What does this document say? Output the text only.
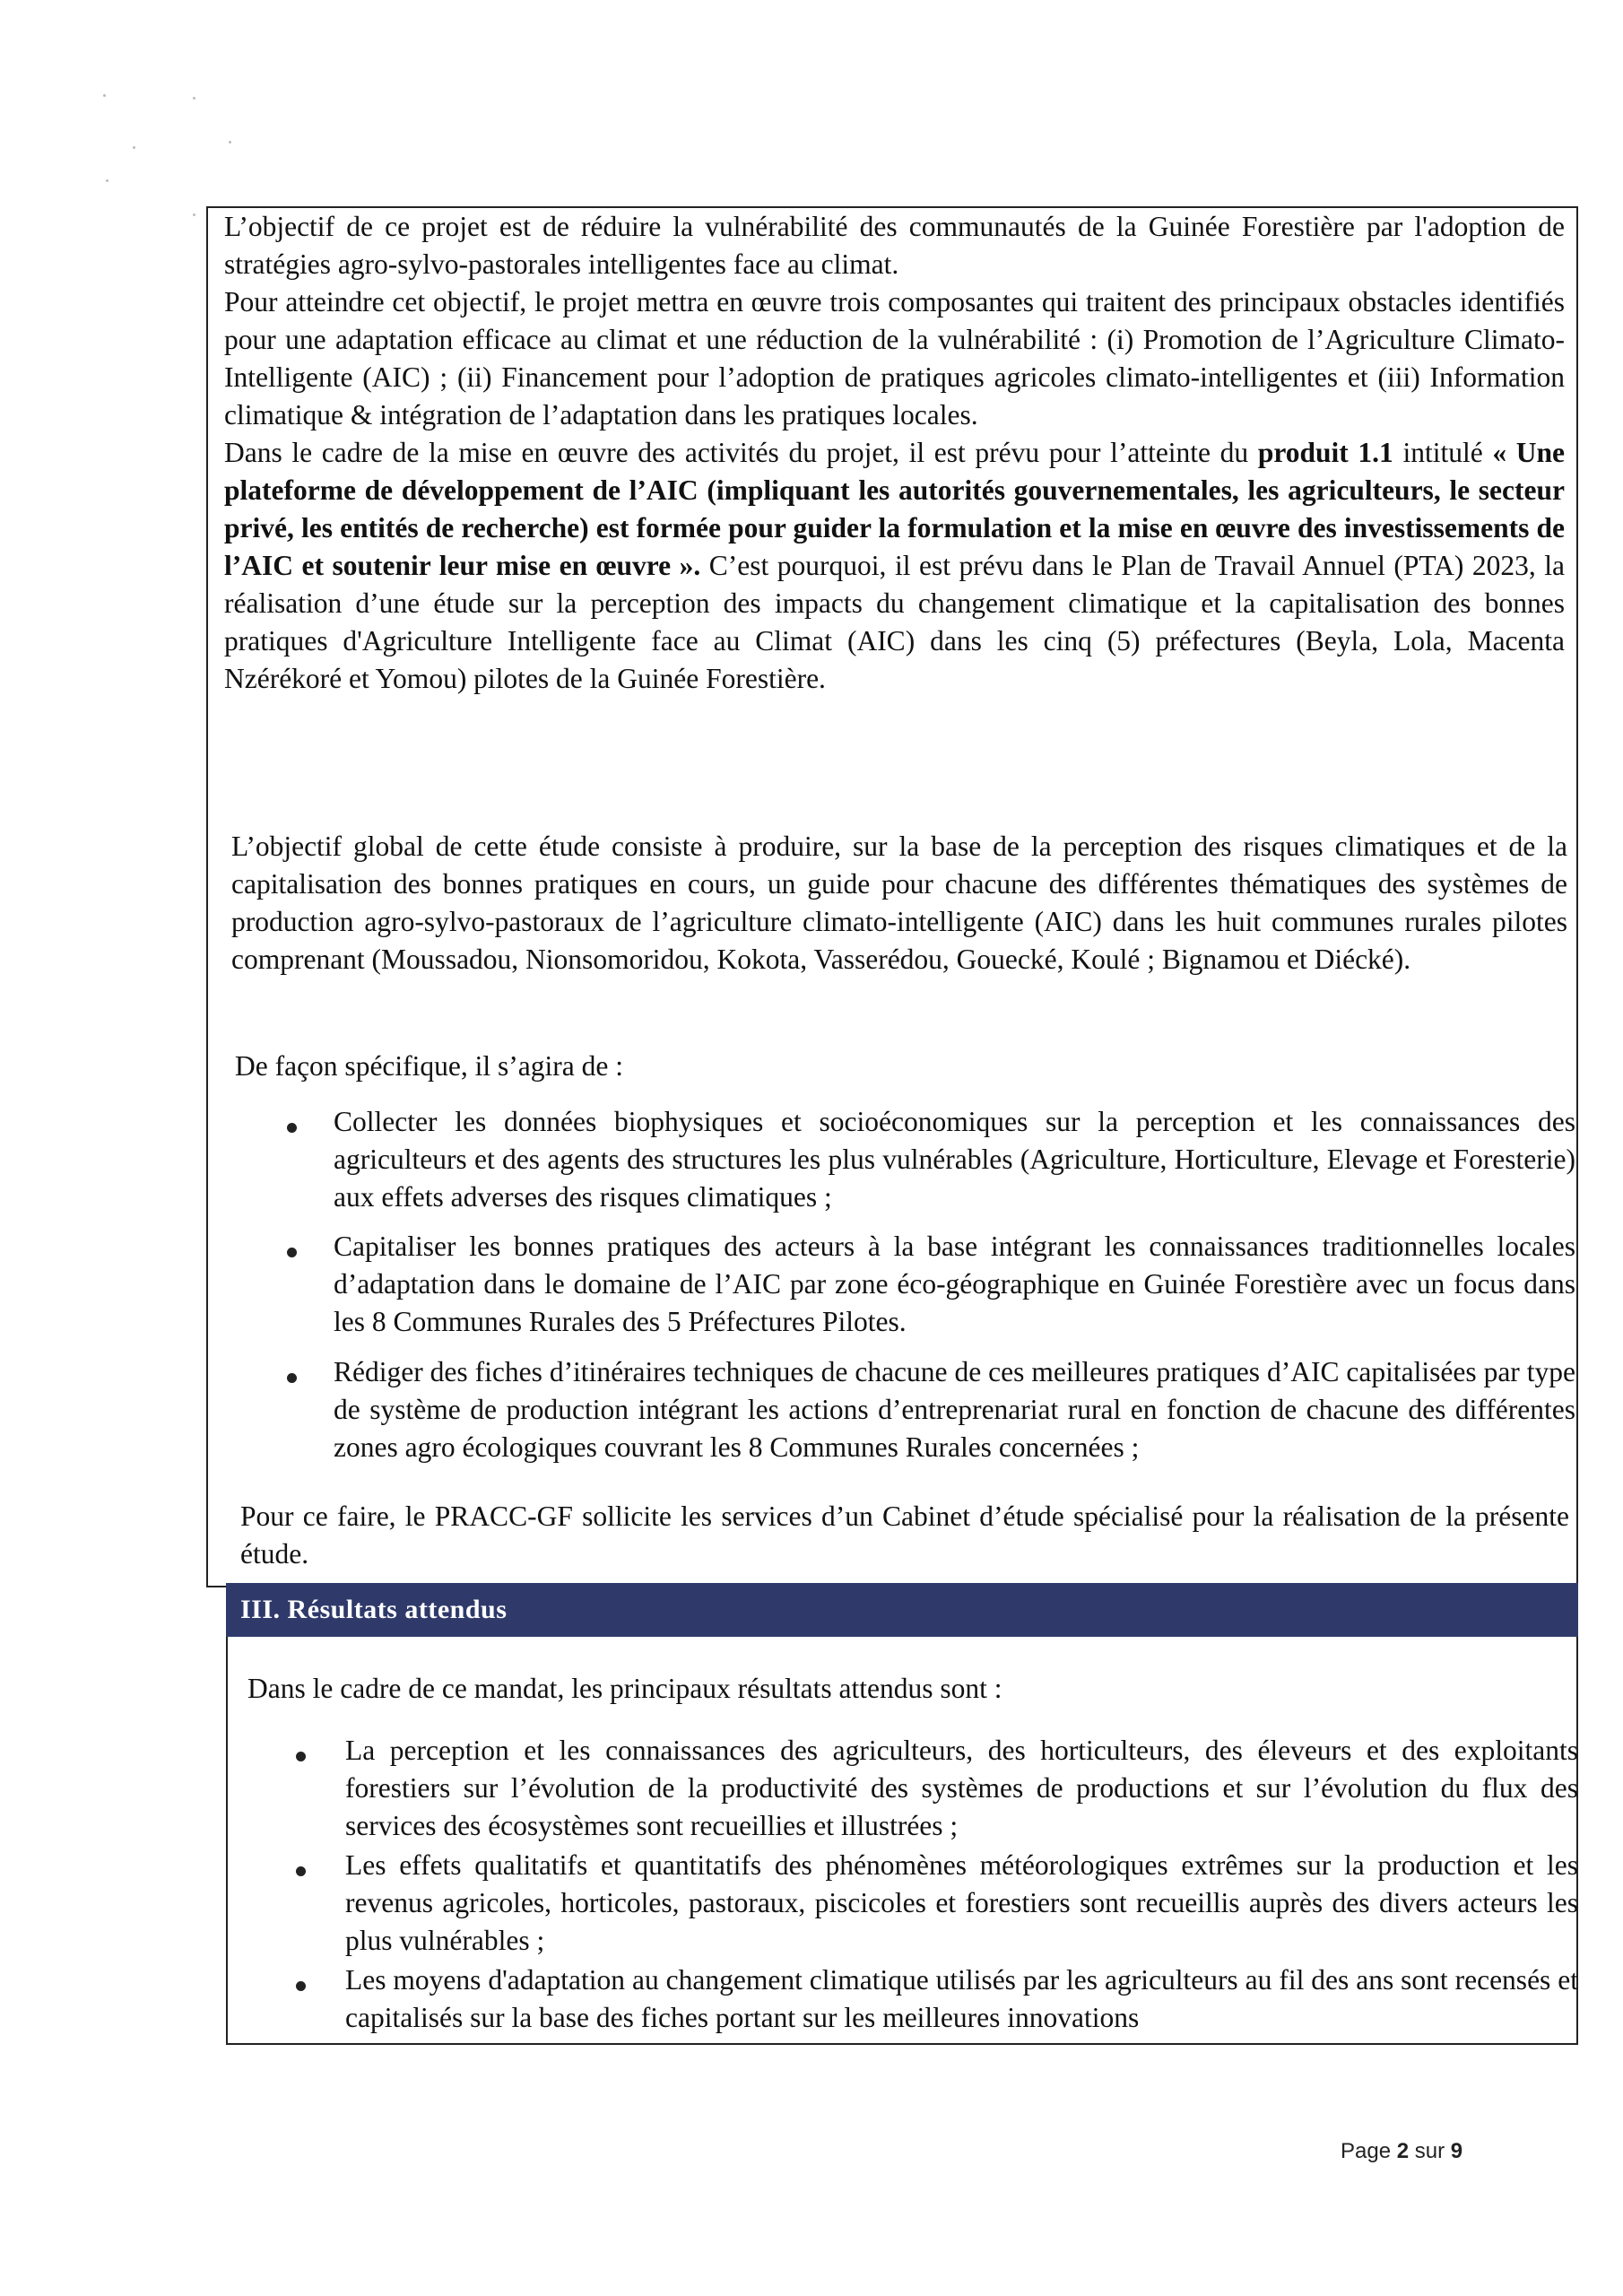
L’objectif de ce projet est de réduire la vulnérabilité des communautés de la Guinée Forestière par l'adoption de stratégies agro-sylvo-pastorales intelligentes face au climat.

Pour atteindre cet objectif, le projet mettra en œuvre trois composantes qui traitent des principaux obstacles identifiés pour une adaptation efficace au climat et une réduction de la vulnérabilité : (i) Promotion de l’Agriculture Climato-Intelligente (AIC) ; (ii) Financement pour l’adoption de pratiques agricoles climato-intelligentes et (iii) Information climatique & intégration de l’adaptation dans les pratiques locales.

Dans le cadre de la mise en œuvre des activités du projet, il est prévu pour l’atteinte du produit 1.1 intitulé « Une plateforme de développement de l’AIC (impliquant les autorités gouvernementales, les agriculteurs, le secteur privé, les entités de recherche) est formée pour guider la formulation et la mise en œuvre des investissements de l’AIC et soutenir leur mise en œuvre ». C’est pourquoi, il est prévu dans le Plan de Travail Annuel (PTA) 2023, la réalisation d’une étude sur la perception des impacts du changement climatique et la capitalisation des bonnes pratiques d'Agriculture Intelligente face au Climat (AIC) dans les cinq (5) préfectures (Beyla, Lola, Macenta Nzérékoré et Yomou) pilotes de la Guinée Forestière.

L’objectif global de cette étude consiste à produire, sur la base de la perception des risques climatiques et de la capitalisation des bonnes pratiques en cours, un guide pour chacune des différentes thématiques des systèmes de production agro-sylvo-pastoraux de l’agriculture climato-intelligente (AIC) dans les huit communes rurales pilotes comprenant (Moussadou, Nionsomoridou, Kokota, Vasserédou, Gouecké, Koulé ; Bignamou et Diécké).

De façon spécifique, il s’agira de :

Collecter les données biophysiques et socioéconomiques sur la perception et les connaissances des agriculteurs et des agents des structures les plus vulnérables (Agriculture, Horticulture, Elevage et Foresterie) aux effets adverses des risques climatiques ;
Capitaliser les bonnes pratiques des acteurs à la base intégrant les connaissances traditionnelles locales d’adaptation dans le domaine de l’AIC par zone éco-géographique en Guinée Forestière avec un focus dans les 8 Communes Rurales des 5 Préfectures Pilotes.
Rédiger des fiches d’itinéraires techniques de chacune de ces meilleures pratiques d’AIC capitalisées par type de système de production intégrant les actions d’entreprenariat rural en fonction de chacune des différentes zones agro écologiques couvrant les 8 Communes Rurales concernées ;

Pour ce faire, le PRACC-GF sollicite les services d’un Cabinet d’étude spécialisé pour la réalisation de la présente étude.

III. Résultats attendus
Dans le cadre de ce mandat, les principaux résultats attendus sont :
La perception et les connaissances des agriculteurs, des horticulteurs, des éleveurs et des exploitants forestiers sur l’évolution de la productivité des systèmes de productions et sur l’évolution du flux des services des écosystèmes sont recueillies et illustrées ;
Les effets qualitatifs et quantitatifs des phénomènes météorologiques extrêmes sur la production et les revenus agricoles, horticoles, pastoraux, piscicoles et forestiers sont recueillis auprès des divers acteurs les plus vulnérables ;
Les moyens d'adaptation au changement climatique utilisés par les agriculteurs au fil des ans sont recensés et capitalisés sur la base des fiches portant sur les meilleures innovations
Page 2 sur 9
